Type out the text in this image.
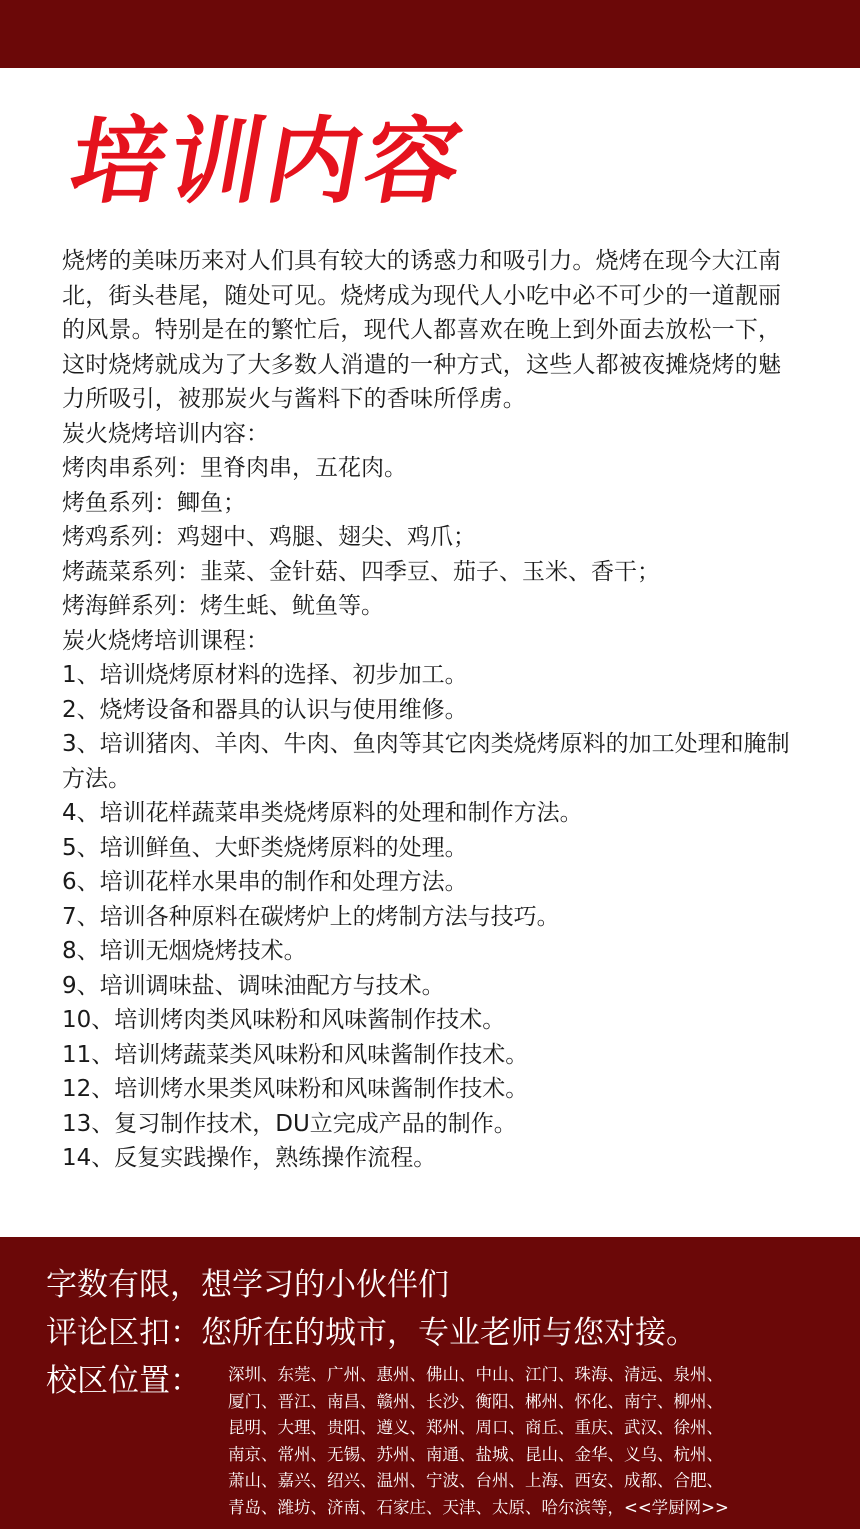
培训内容

烧烤的美味历来对人们具有较大的诱惑力和吸引力。烧烤在现今大江南北，街头巷尾，随处可见。烧烤成为现代人小吃中必不可少的一道靓丽的风景。特别是在的繁忙后，现代人都喜欢在晚上到外面去放松一下，这时烧烤就成为了大多数人消遣的一种方式，这些人都被夜摊烧烤的魅力所吸引，被那炭火与酱料下的香味所俘虏。

炭火烧烤培训内容：

烤肉串系列：里脊肉串，五花肉。

烤鱼系列：鲫鱼；

烤鸡系列：鸡翅中、鸡腿、翅尖、鸡爪；

烤蔬菜系列：韭菜、金针菇、四季豆、茄子、玉米、香干；

烤海鲜系列：烤生蚝、鱿鱼等。

炭火烧烤培训课程：

1、培训烧烤原材料的选择、初步加工。

2、烧烤设备和器具的认识与使用维修。

3、培训猪肉、羊肉、牛肉、鱼肉等其它肉类烧烤原料的加工处理和腌制方法。

4、培训花样蔬菜串类烧烤原料的处理和制作方法。

5、培训鲜鱼、大虾类烧烤原料的处理。

6、培训花样水果串的制作和处理方法。

7、培训各种原料在碳烤炉上的烤制方法与技巧。

8、培训无烟烧烤技术。

9、培训调味盐、调味油配方与技术。

10、培训烤肉类风味粉和风味酱制作技术。

11、培训烤蔬菜类风味粉和风味酱制作技术。

12、培训烤水果类风味粉和风味酱制作技术。

13、复习制作技术，DU立完成产品的制作。

14、反复实践操作，熟练操作流程。

字数有限，想学习的小伙伴们
评论区扣：您所在的城市，专业老师与您对接。
校区位置： 深圳、东莞、广州、惠州、佛山、中山、江门、珠海、清远、泉州、
厦门、晋江、南昌、赣州、长沙、衡阳、郴州、怀化、南宁、柳州、
昆明、大理、贵阳、遵义、郑州、周口、商丘、重庆、武汉、徐州、
南京、常州、无锡、苏州、南通、盐城、昆山、金华、义乌、杭州、
萧山、嘉兴、绍兴、温州、宁波、台州、上海、西安、成都、合肥、
青岛、潍坊、济南、石家庄、天津、太原、哈尔滨等，<<学厨网>>
